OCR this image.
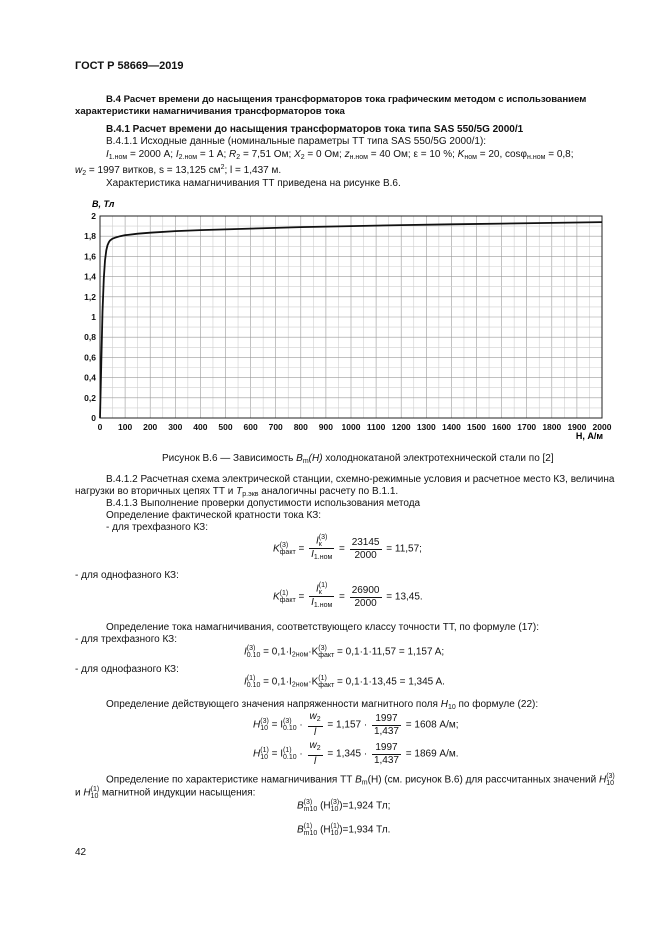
ГОСТ Р 58669—2019
B.4 Расчет времени до насыщения трансформаторов тока графическим методом с использованием
характеристики намагничивания трансформаторов тока
B.4.1 Расчет времени до насыщения трансформаторов тока типа SAS 550/5G 2000/1
B.4.1.1 Исходные данные (номинальные параметры ТТ типа SAS 550/5G 2000/1):
$I_{1.ном} = 2000$ A; $I_{2.ном} = 1$ A; $R_2 = 7,51$ Ом; $X_2 = 0$ Ом; $z_{н.ном} = 40$ Ом; ε = 10 %; $K_{ном} = 20$, cosφ$_{н.ном}$ = 0,8;
$w_2 = 1997$ витков, s = 13,125 $см^2$; l = 1,437 м.
Характеристика намагничивания ТТ приведена на рисунке B.6.
0 100 200 300 400 500 600 700 800 900 1000 1100 1200 1300 1400 1500 1600 1700 1800 1900 2000
0
0,2
0,4
0,6
0,8
1
1,2
1,4
1,6
1,8
2
B, Тл
H, А/м
Рисунок B.6 — Зависимость $B_m(H)$ холоднокатаной электротехнической стали по [2]
B.4.1.2 Расчетная схема электрической станции, схемно-режимные условия и расчетное место КЗ, величина
нагрузки во вторичных цепях ТТ и $T_{p.экв}$ аналогичны расчету по B.1.1.
B.4.1.3 Выполнение проверки допустимости использования метода
Определение фактической кратности тока КЗ:
- для трехфазного КЗ:
K (3)
факт = I (3)
к
$I_{1.ном} = \frac{23145}{2000} = 11,57$;
- для однофазного КЗ:
K (1)
факт = I (1)
к
$I_{1.ном} = \frac{26900}{2000} = 13,45$.
Определение тока намагничивания, соответствующего классу точности ТТ, по формуле (17):
- для трехфазного КЗ:
I (3)
$0.10 = 0,1\cdot I_{2ном}\cdot K$ (3)
факт = 0,1·1·11,57 = 1,157 A;
- для однофазного КЗ:
I (1)
$0.10 = 0,1\cdot I_{2ном}\cdot K$ (1)
факт = 0,1·1·13,45 = 1,345 A.
Определение действующего значения напряженности магнитного поля $H_{10}$ по формуле (22):
H (3)
10 = I (3)
$0.10 \cdot \frac{w_2}{l} = 1,157 \cdot \frac{1997}{1,437} = 1608$ А/м;
H (1)
10 = I (1)
$0.10 \cdot \frac{w_2}{l} = 1,345 \cdot \frac{1997}{1,437} = 1869$ А/м.
Определение по характеристике намагничивания ТТ $B_m(H)$ (см. рисунок B.6) для рассчитанных значений H (3)
10
и H (1)
10 магнитной индукции насыщения:
B (3)
m10 (H (3)
10 )=1,924 Тл;
B (1)
m10 (H (1)
10 )=1,934 Тл.
42
